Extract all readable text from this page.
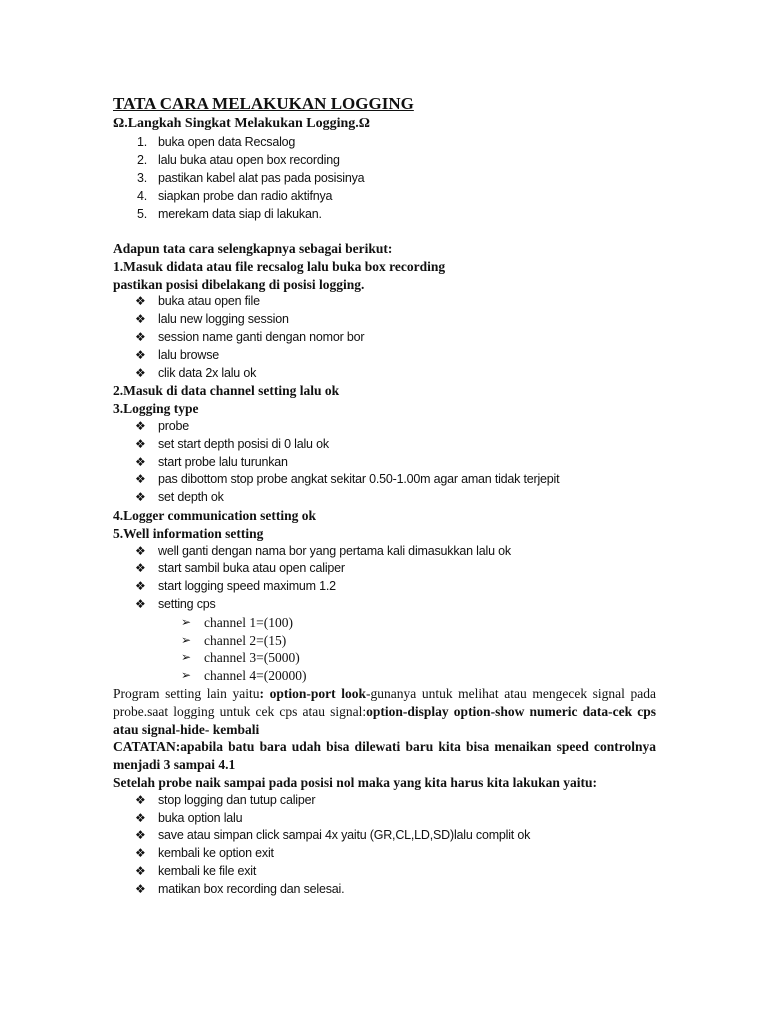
TATA CARA MELAKUKAN LOGGING

Ω.Langkah Singkat Melakukan Logging.Ω

1. buka open data Recsalog
2. lalu buka atau open box recording
3. pastikan kabel alat pas pada posisinya
4. siapkan probe dan radio aktifnya
5. merekam data siap di lakukan.

Adapun tata cara selengkapnya sebagai berikut:

1.Masuk didata atau file recsalog lalu buka box recording

pastikan posisi dibelakang di posisi logging.

❖ buka atau open file
❖ lalu new logging session
❖ session name ganti dengan nomor bor
❖ lalu browse
❖ clik data 2x lalu ok

2.Masuk di data channel setting lalu ok

3.Logging type

❖ probe
❖ set start depth posisi di 0 lalu ok
❖ start probe lalu turunkan
❖ pas dibottom stop probe angkat sekitar 0.50-1.00m agar aman tidak terjepit
❖ set depth ok

4.Logger communication setting ok

5.Well information setting

❖ well ganti dengan nama bor yang pertama kali dimasukkan lalu ok
❖ start sambil buka atau open caliper
❖ start logging speed maximum 1.2
❖ setting cps
➢ channel 1=(100)
➢ channel 2=(15)
➢ channel 3=(5000)
➢ channel 4=(20000)

Program setting lain yaitu: option-port look-gunanya untuk melihat atau mengecek signal pada probe.saat logging untuk cek cps atau signal:option-display option-show numeric data-cek cps atau signal-hide- kembali

CATATAN:apabila batu bara udah bisa dilewati baru kita bisa menaikan speed controlnya menjadi 3 sampai 4.1

Setelah probe naik sampai pada posisi nol maka yang kita harus kita lakukan yaitu:

❖ stop logging dan tutup caliper
❖ buka option lalu
❖ save atau simpan click sampai 4x yaitu (GR,CL,LD,SD)lalu complit ok
❖ kembali ke option exit
❖ kembali ke file exit
❖ matikan box recording dan selesai.
